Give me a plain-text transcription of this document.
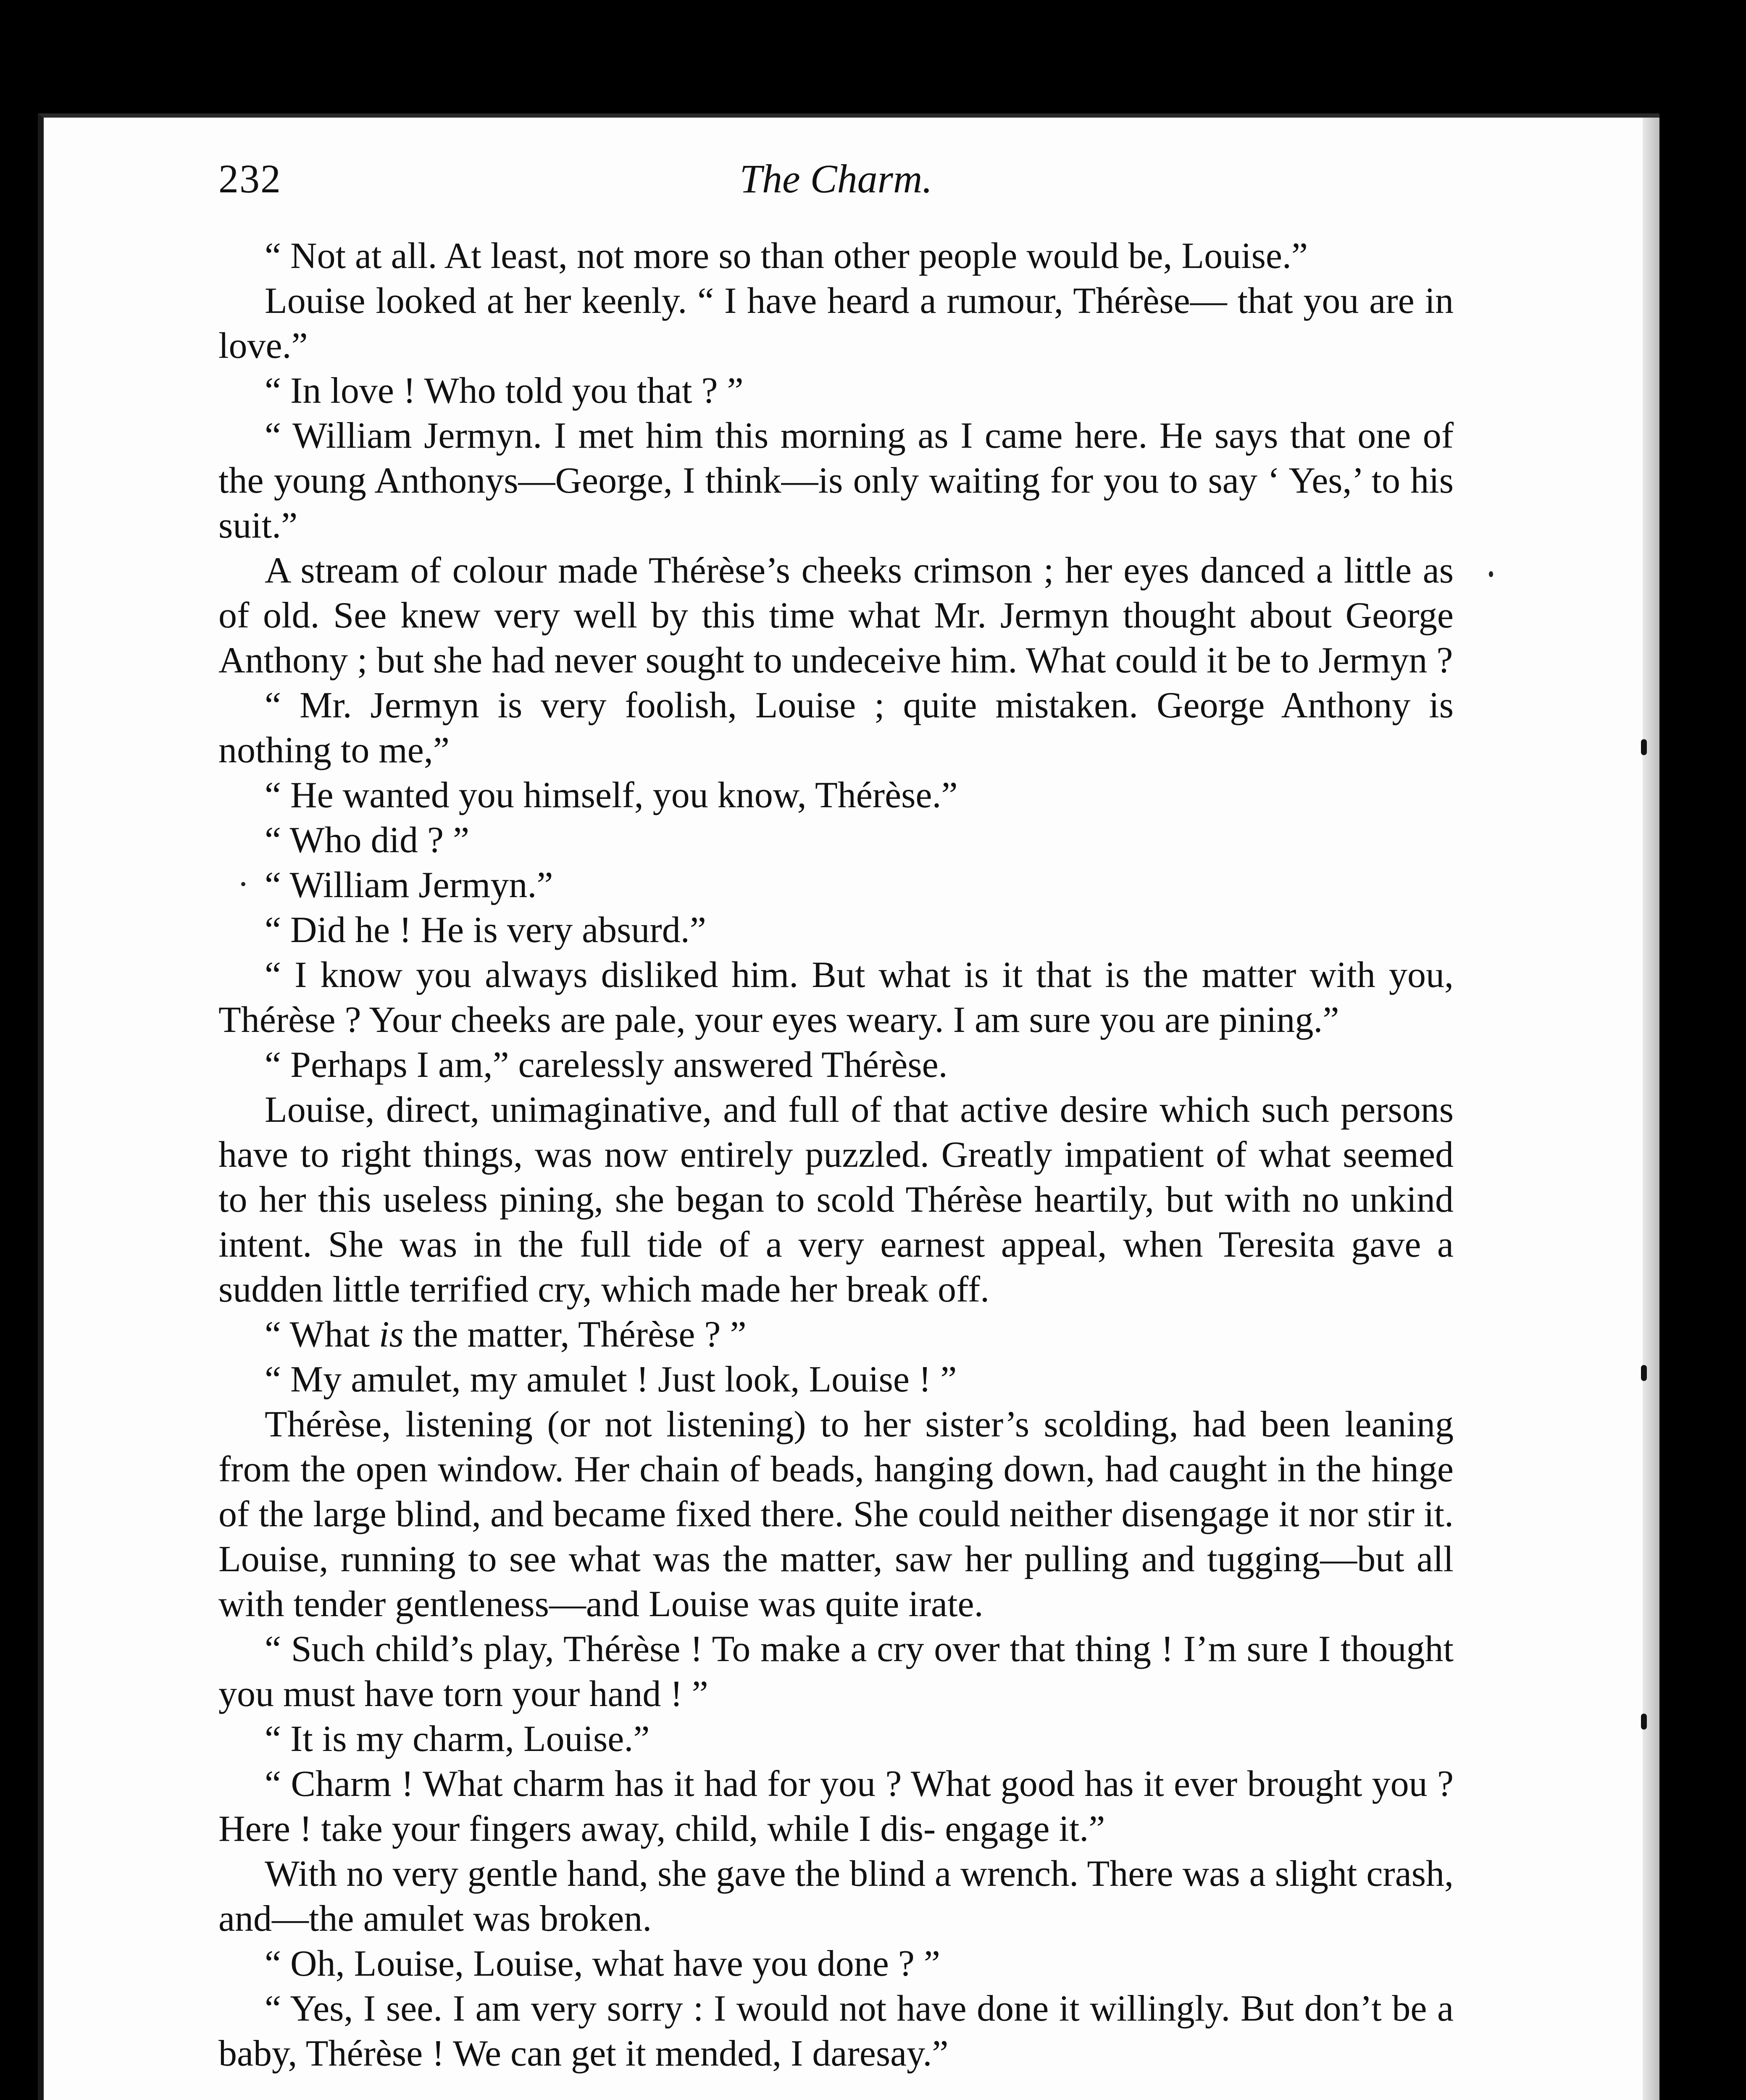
232	The Charm.

“ Not at all. At least, not more so than other people would be, Louise.”

Louise looked at her keenly. “ I have heard a rumour, Thérèse— that you are in love.”

“ In love ! Who told you that ? ”

“ William Jermyn. I met him this morning as I came here. He says that one of the young Anthonys—George, I think—is only waiting for you to say ‘ Yes,’ to his suit.”

A stream of colour made Thérèse’s cheeks crimson ; her eyes danced a little as of old. See knew very well by this time what Mr. Jermyn thought about George Anthony ; but she had never sought to undeceive him. What could it be to Jermyn ?

“ Mr. Jermyn is very foolish, Louise ; quite mistaken. George Anthony is nothing to me,”

“ He wanted you himself, you know, Thérèse.”

“ Who did ? ”

“ William Jermyn.”

“ Did he ! He is very absurd.”

“ I know you always disliked him. But what is it that is the matter with you, Thérèse ? Your cheeks are pale, your eyes weary. I am sure you are pining.”

“ Perhaps I am,” carelessly answered Thérèse.

Louise, direct, unimaginative, and full of that active desire which such persons have to right things, was now entirely puzzled. Greatly impatient of what seemed to her this useless pining, she began to scold Thérèse heartily, but with no unkind intent. She was in the full tide of a very earnest appeal, when Teresita gave a sudden little terrified cry, which made her break off.

“ What is the matter, Thérèse ? ”

“ My amulet, my amulet ! Just look, Louise ! ”

Thérèse, listening (or not listening) to her sister’s scolding, had been leaning from the open window. Her chain of beads, hanging down, had caught in the hinge of the large blind, and became fixed there. She could neither disengage it nor stir it. Louise, running to see what was the matter, saw her pulling and tugging—but all with tender gentleness—and Louise was quite irate.

“ Such child’s play, Thérèse ! To make a cry over that thing ! I’m sure I thought you must have torn your hand ! ”

“ It is my charm, Louise.”

“ Charm ! What charm has it had for you ? What good has it ever brought you ? Here ! take your fingers away, child, while I dis- engage it.”

With no very gentle hand, she gave the blind a wrench. There was a slight crash, and—the amulet was broken.

“ Oh, Louise, Louise, what have you done ? ”

“ Yes, I see. I am very sorry : I would not have done it willingly. But don’t be a baby, Thérèse ! We can get it mended, I daresay.”
